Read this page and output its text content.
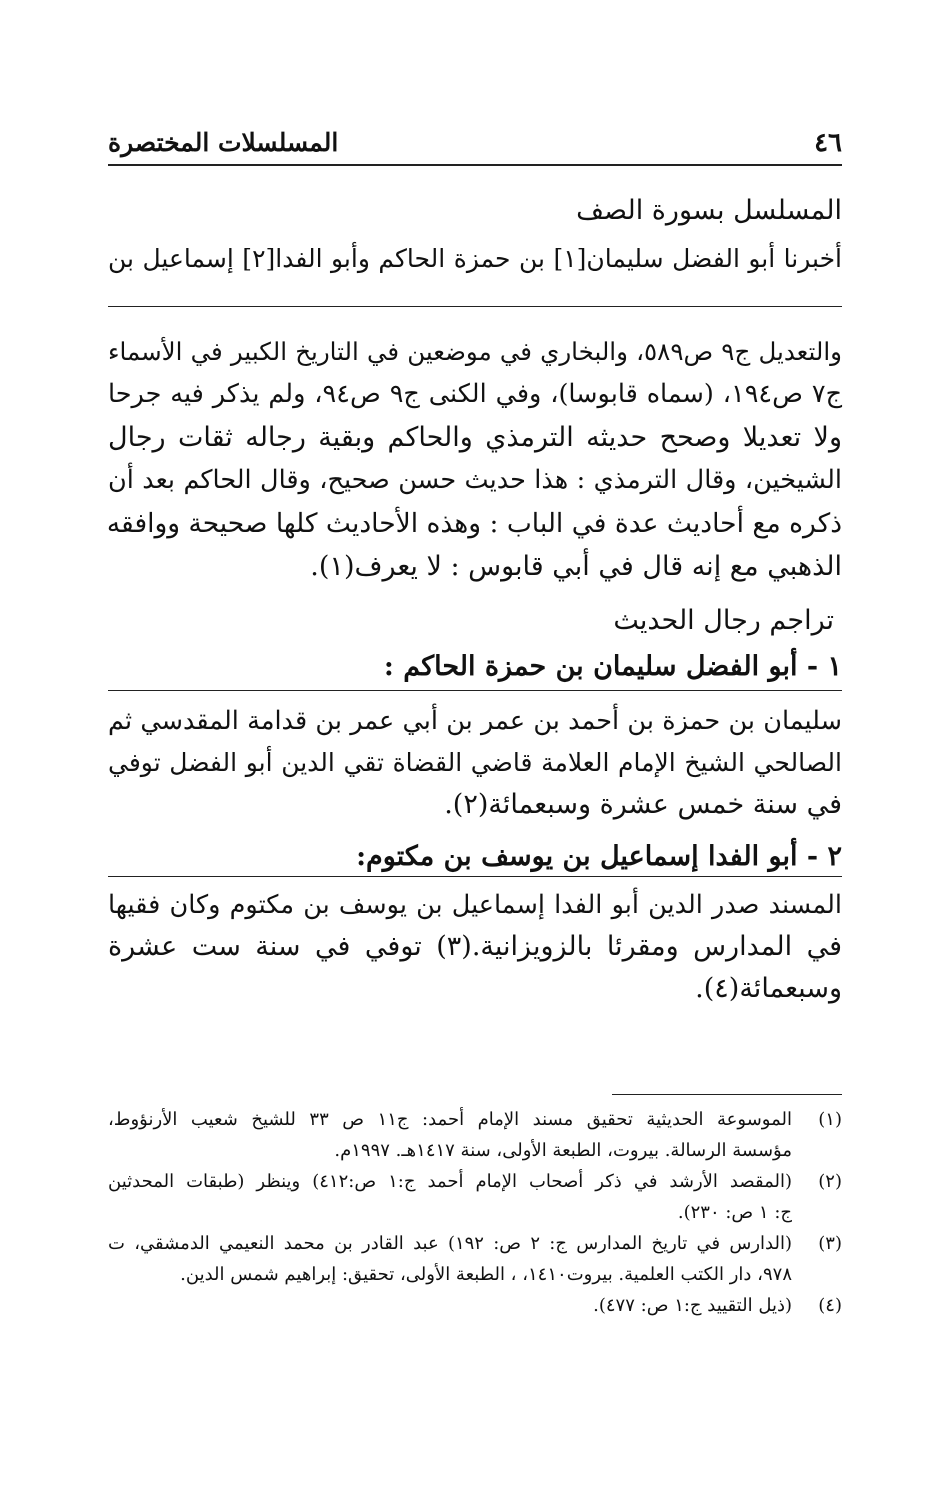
٤٦
المسلسلات المختصرة

المسلسل بسورة الصف

أخبرنا أبو الفضل سليمان[١] بن حمزة الحاكم وأبو الفدا[٢] إسماعيل بن

والتعديل ج٩ ص٥٨٩، والبخاري في موضعين في التاريخ الكبير في الأسماء

ج٧ ص١٩٤، (سماه قابوسا)، وفي الكنى ج٩ ص٩٤، ولم يذكر فيه جرحا

ولا تعديلا وصحح حديثه الترمذي والحاكم وبقية رجاله ثقات رجال

الشيخين، وقال الترمذي : هذا حديث حسن صحيح، وقال الحاكم بعد أن

ذكره مع أحاديث عدة في الباب : وهذه الأحاديث كلها صحيحة ووافقه

الذهبي مع إنه قال في أبي قابوس : لا يعرف(١).

تراجم رجال الحديث

١ - أبو الفضل سليمان بن حمزة الحاكم :

سليمان بن حمزة بن أحمد بن عمر بن أبي عمر بن قدامة المقدسي ثم

الصالحي الشيخ الإمام العلامة قاضي القضاة تقي الدين أبو الفضل توفي

في سنة خمس عشرة وسبعمائة(٢).

٢ - أبو الفدا إسماعيل بن يوسف بن مكتوم:

المسند صدر الدين أبو الفدا إسماعيل بن يوسف بن مكتوم وكان فقيها

في المدارس ومقرئا بالزويزانية.(٣) توفي في سنة ست عشرة

وسبعمائة(٤).

(١)
الموسوعة الحديثية تحقيق مسند الإمام أحمد: ج١١ ص ٣٣ للشيخ شعيب الأرنؤوط،
مؤسسة الرسالة. بيروت، الطبعة الأولى، سنة ١٤١٧هـ. ١٩٩٧م.
(٢)
(المقصد الأرشد في ذكر أصحاب الإمام أحمد ج:١ ص:٤١٢) وينظر (طبقات المحدثين
ج: ١ ص: ٢٣٠).
(٣)
(الدارس في تاريخ المدارس ج: ٢ ص: ١٩٢) عبد القادر بن محمد النعيمي الدمشقي، ت
٩٧٨، دار الكتب العلمية. بيروت١٤١٠، ، الطبعة الأولى، تحقيق: إبراهيم شمس الدين.
(٤)
(ذيل التقييد ج:١ ص: ٤٧٧).
